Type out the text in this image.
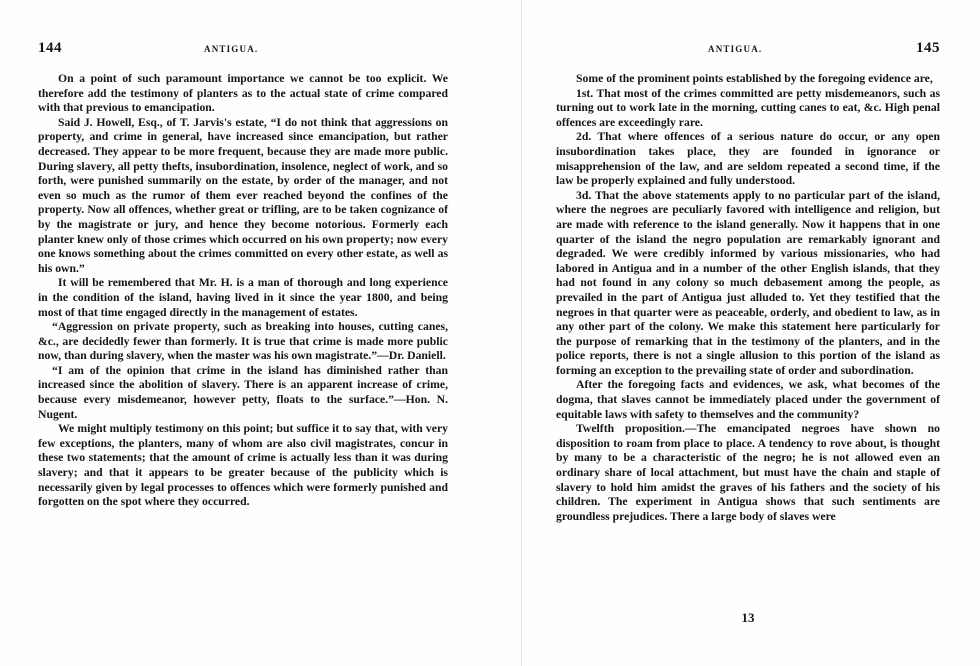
144	ANTIGUA.

On a point of such paramount importance we cannot be too explicit. We therefore add the testimony of planters as to the actual state of crime compared with that previous to emancipation.

Said J. Howell, Esq., of T. Jarvis's estate, “I do not think that aggressions on property, and crime in general, have increased since emancipation, but rather decreased. They appear to be more frequent, because they are made more public. During slavery, all petty thefts, insubordination, insolence, neglect of work, and so forth, were punished summarily on the estate, by order of the manager, and not even so much as the rumor of them ever reached beyond the confines of the property. Now all offences, whether great or trifling, are to be taken cognizance of by the magistrate or jury, and hence they become notorious. Formerly each planter knew only of those crimes which occurred on his own property; now every one knows something about the crimes committed on every other estate, as well as his own.”

It will be remembered that Mr. H. is a man of thorough and long experience in the condition of the island, having lived in it since the year 1800, and being most of that time engaged directly in the management of estates.

“Aggression on private property, such as breaking into houses, cutting canes, &c., are decidedly fewer than formerly. It is true that crime is made more public now, than during slavery, when the master was his own magistrate.”—Dr. Daniell.

“I am of the opinion that crime in the island has diminished rather than increased since the abolition of slavery. There is an apparent increase of crime, because every misdemeanor, however petty, floats to the surface.”—Hon. N. Nugent.

We might multiply testimony on this point; but suffice it to say that, with very few exceptions, the planters, many of whom are also civil magistrates, concur in these two statements; that the amount of crime is actually less than it was during slavery; and that it appears to be greater because of the publicity which is necessarily given by legal processes to offences which were formerly punished and forgotten on the spot where they occurred.

ANTIGUA.	145

Some of the prominent points established by the foregoing evidence are,

1st. That most of the crimes committed are petty misdemeanors, such as turning out to work late in the morning, cutting canes to eat, &c. High penal offences are exceedingly rare.

2d. That where offences of a serious nature do occur, or any open insubordination takes place, they are founded in ignorance or misapprehension of the law, and are seldom repeated a second time, if the law be properly explained and fully understood.

3d. That the above statements apply to no particular part of the island, where the negroes are peculiarly favored with intelligence and religion, but are made with reference to the island generally. Now it happens that in one quarter of the island the negro population are remarkably ignorant and degraded. We were credibly informed by various missionaries, who had labored in Antigua and in a number of the other English islands, that they had not found in any colony so much debasement among the people, as prevailed in the part of Antigua just alluded to. Yet they testified that the negroes in that quarter were as peaceable, orderly, and obedient to law, as in any other part of the colony. We make this statement here particularly for the purpose of remarking that in the testimony of the planters, and in the police reports, there is not a single allusion to this portion of the island as forming an exception to the prevailing state of order and subordination.

After the foregoing facts and evidences, we ask, what becomes of the dogma, that slaves cannot be immediately placed under the government of equitable laws with safety to themselves and the community?

Twelfth proposition.—The emancipated negroes have shown no disposition to roam from place to place. A tendency to rove about, is thought by many to be a characteristic of the negro; he is not allowed even an ordinary share of local attachment, but must have the chain and staple of slavery to hold him amidst the graves of his fathers and the society of his children. The experiment in Antigua shows that such sentiments are groundless prejudices. There a large body of slaves were

13
